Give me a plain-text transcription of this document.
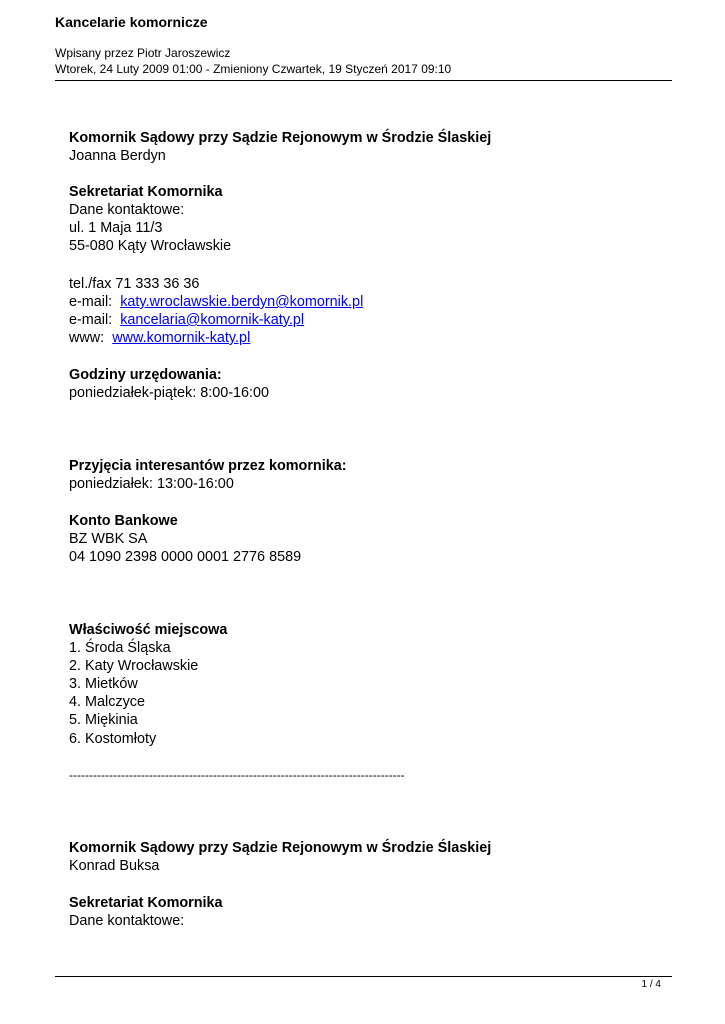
Kancelarie komornicze
Wpisany przez Piotr Jaroszewicz
Wtorek, 24 Luty 2009 01:00 - Zmieniony Czwartek, 19 Styczeń 2017 09:10
Komornik Sądowy przy Sądzie Rejonowym w Środzie Ślaskiej
Joanna Berdyn
Sekretariat Komornika
Dane kontaktowe:
ul. 1 Maja 11/3
55-080 Kąty Wrocławskie
tel./fax 71 333 36 36
e-mail: katy.wroclawskie.berdyn@komornik.pl
e-mail: kancelaria@komornik-katy.pl
www: www.komornik-katy.pl
Godziny urzędowania:
poniedziałek-piątek: 8:00-16:00
Przyjęcia interesantów przez komornika:
poniedziałek: 13:00-16:00
Konto Bankowe
BZ WBK SA
04 1090 2398 0000 0001 2776 8589
Właściwość miejscowa
1. Środa Śląska
2. Katy Wrocławskie
3. Mietków
4. Malczyce
5. Miękinia
6. Kostomłoty
------------------------------------------------------------------------------------
Komornik Sądowy przy Sądzie Rejonowym w Środzie Ślaskiej
Konrad Buksa
Sekretariat Komornika
Dane kontaktowe:
1 / 4
